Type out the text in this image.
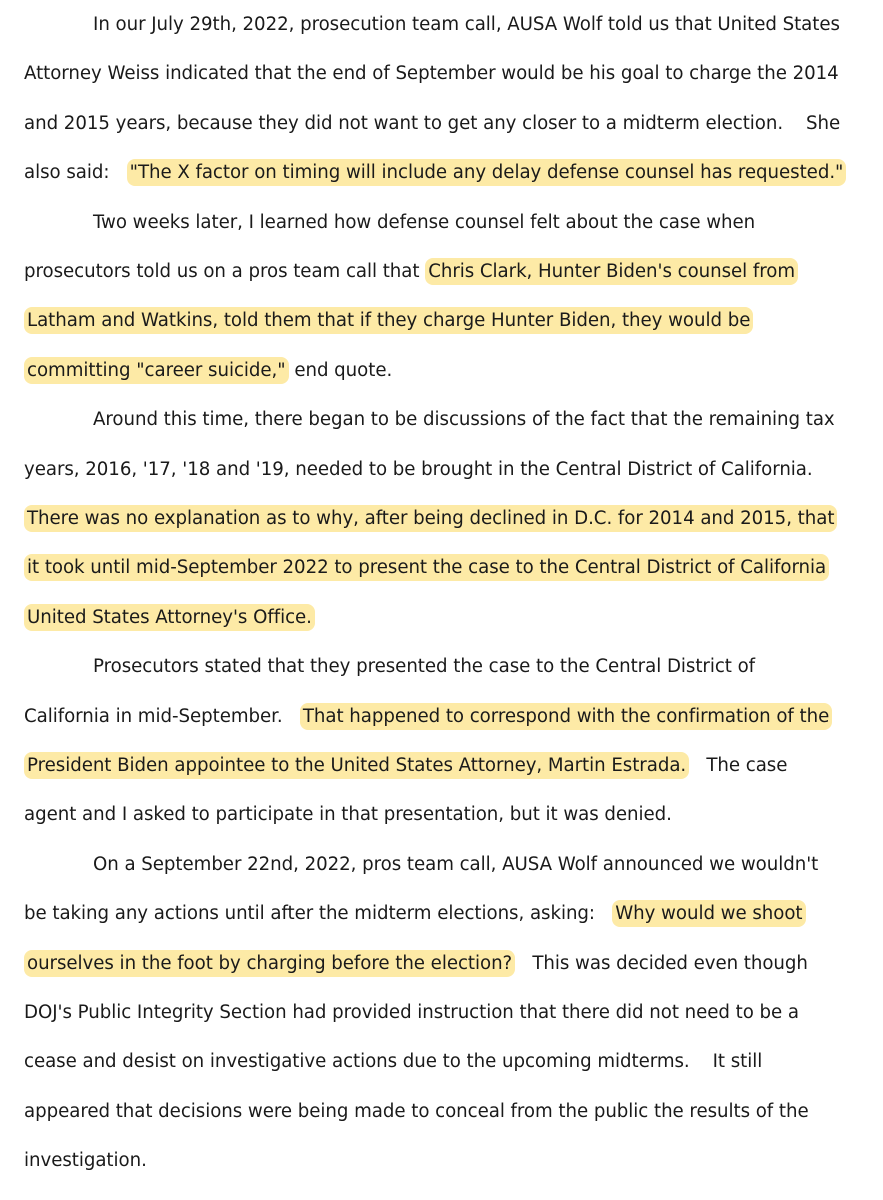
In our July 29th, 2022, prosecution team call, AUSA Wolf told us that United States
Attorney Weiss indicated that the end of September would be his goal to charge the 2014
and 2015 years, because they did not want to get any closer to a midterm election.    She
also said:   "The X factor on timing will include any delay defense counsel has requested."
Two weeks later, I learned how defense counsel felt about the case when
prosecutors told us on a pros team call that Chris Clark, Hunter Biden's counsel from
Latham and Watkins, told them that if they charge Hunter Biden, they would be
committing "career suicide," end quote.
Around this time, there began to be discussions of the fact that the remaining tax
years, 2016, '17, '18 and '19, needed to be brought in the Central District of California.
There was no explanation as to why, after being declined in D.C. for 2014 and 2015, that
it took until mid-September 2022 to present the case to the Central District of California
United States Attorney's Office.
Prosecutors stated that they presented the case to the Central District of
California in mid-September.   That happened to correspond with the confirmation of the
President Biden appointee to the United States Attorney, Martin Estrada.   The case
agent and I asked to participate in that presentation, but it was denied.
On a September 22nd, 2022, pros team call, AUSA Wolf announced we wouldn't
be taking any actions until after the midterm elections, asking:   Why would we shoot
ourselves in the foot by charging before the election?   This was decided even though
DOJ's Public Integrity Section had provided instruction that there did not need to be a
cease and desist on investigative actions due to the upcoming midterms.    It still
appeared that decisions were being made to conceal from the public the results of the
investigation.
